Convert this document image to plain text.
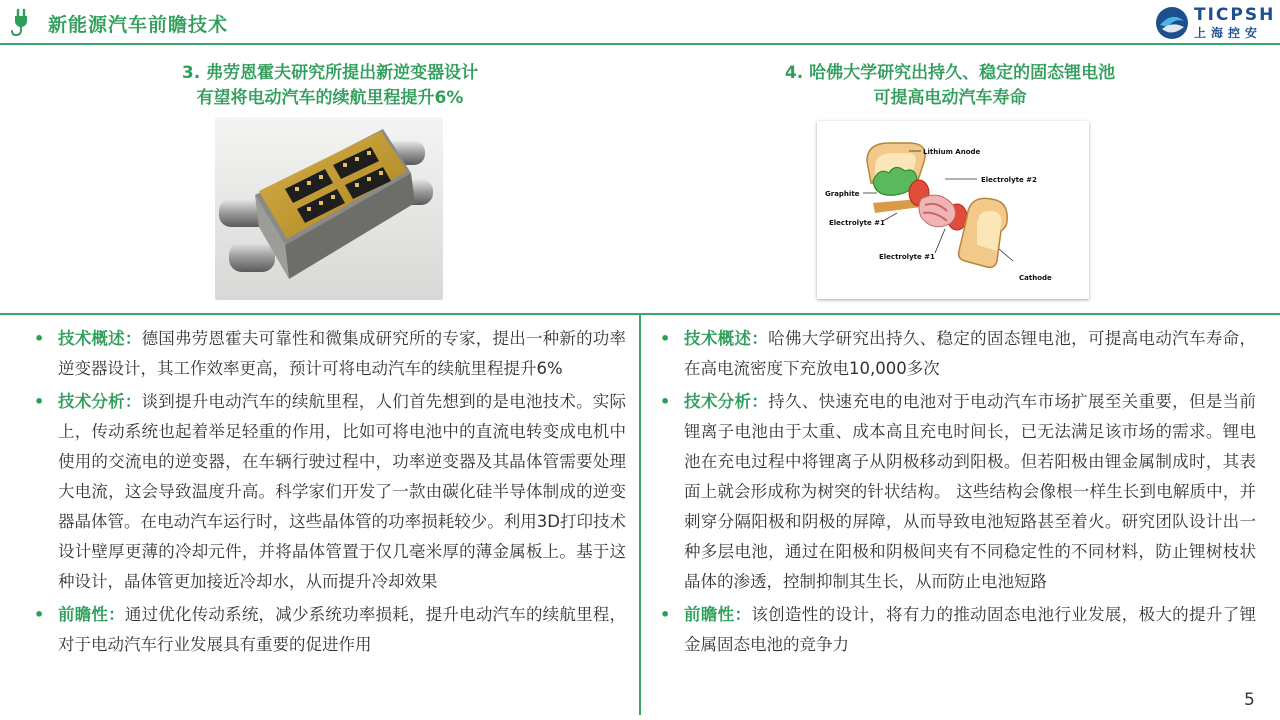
新能源汽车前瞻技术	TICPSH
上海控安
3. 弗劳恩霍夫研究所提出新逆变器设计
有望将电动汽车的续航里程提升6%
4. 哈佛大学研究出持久、稳定的固态锂电池
可提高电动汽车寿命
Lithium Anode
Graphite
Electrolyte #2
Electrolyte #1
Electrolyte #1
Cathode
• 技术概述：德国弗劳恩霍夫可靠性和微集成研究所的专家，提出一种新的功率逆变器设计，其工作效率更高，预计可将电动汽车的续航里程提升6%
• 技术分析：谈到提升电动汽车的续航里程，人们首先想到的是电池技术。实际上，传动系统也起着举足轻重的作用，比如可将电池中的直流电转变成电机中使用的交流电的逆变器，在车辆行驶过程中，功率逆变器及其晶体管需要处理大电流，这会导致温度升高。科学家们开发了一款由碳化硅半导体制成的逆变器晶体管。在电动汽车运行时，这些晶体管的功率损耗较少。利用3D打印技术设计壁厚更薄的冷却元件，并将晶体管置于仅几毫米厚的薄金属板上。基于这种设计，晶体管更加接近冷却水，从而提升冷却效果
• 前瞻性：通过优化传动系统，减少系统功率损耗，提升电动汽车的续航里程，对于电动汽车行业发展具有重要的促进作用
• 技术概述：哈佛大学研究出持久、稳定的固态锂电池，可提高电动汽车寿命，在高电流密度下充放电10,000多次
• 技术分析：持久、快速充电的电池对于电动汽车市场扩展至关重要，但是当前锂离子电池由于太重、成本高且充电时间长，已无法满足该市场的需求。锂电池在充电过程中将锂离子从阴极移动到阳极。但若阳极由锂金属制成时，其表面上就会形成称为树突的针状结构。 这些结构会像根一样生长到电解质中，并刺穿分隔阳极和阴极的屏障，从而导致电池短路甚至着火。研究团队设计出一种多层电池，通过在阳极和阴极间夹有不同稳定性的不同材料，防止锂树枝状晶体的渗透，控制抑制其生长，从而防止电池短路
• 前瞻性：该创造性的设计，将有力的推动固态电池行业发展，极大的提升了锂金属固态电池的竞争力
5
